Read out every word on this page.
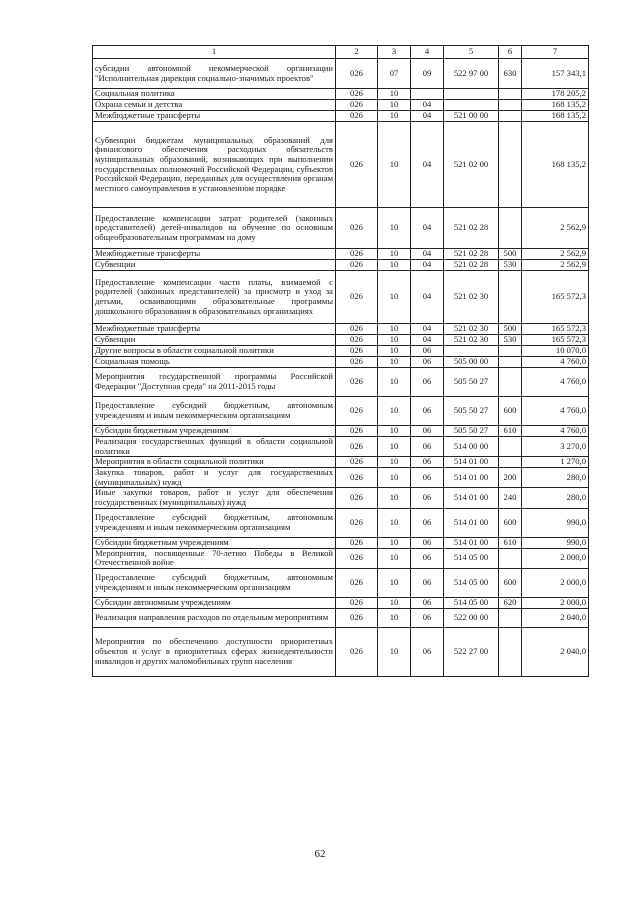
1	2	3	4	5	6	7
субсидии автономной некоммерческой организации "Исполнительная дирекция социально-значимых проектов"	026	07	09	522 97 00	630	157 343,1
Социальная политика	026	10				178 205,2
Охрана семьи и детства	026	10	04			168 135,2
Межбюджетные трансферты	026	10	04	521 00 00		168 135,2
Субвенции бюджетам муниципальных образований для финансового обеспечения расходных обязательств муниципальных образований, возникающих при выполнении государственных полномочий Российской Федерации, субъектов Российской Федерации, переданных для осуществления органам местного самоуправления в установленном порядке	026	10	04	521 02 00		168 135,2
Предоставление компенсации затрат родителей (законных представителей) детей-инвалидов на обучение по основным общеобразовательным программам на дому	026	10	04	521 02 28		2 562,9
Межбюджетные трансферты	026	10	04	521 02 28	500	2 562,9
Субвенции	026	10	04	521 02 28	530	2 562,9
Предоставление компенсации части платы, взимаемой с родителей (законных представителей) за присмотр и уход за детьми, осваивающими образовательные программы дошкольного образования в образовательных организациях	026	10	04	521 02 30		165 572,3
Межбюджетные трансферты	026	10	04	521 02 30	500	165 572,3
Субвенции	026	10	04	521 02 30	530	165 572,3
Другие вопросы в области социальной политики	026	10	06			10 070,0
Социальная помощь	026	10	06	505 00 00		4 760,0
Мероприятия государственной программы Российской Федерации "Доступная среда" на 2011-2015 годы	026	10	06	505 50 27		4 760,0
Предоставление субсидий бюджетным, автономным учреждениям и иным некоммерческим организациям	026	10	06	505 50 27	600	4 760,0
Субсидии бюджетным учреждениям	026	10	06	505 50 27	610	4 760,0
Реализация государственных функций в области социальной политики	026	10	06	514 00 00		3 270,0
Мероприятия в области социальной политики	026	10	06	514 01 00		1 270,0
Закупка товаров, работ и услуг для государственных (муниципальных) нужд	026	10	06	514 01 00	200	280,0
Иные закупки товаров, работ и услуг для обеспечения государственных (муниципальных) нужд	026	10	06	514 01 00	240	280,0
Предоставление субсидий бюджетным, автономным учреждениям и иным некоммерческим организациям	026	10	06	514 01 00	600	990,0
Субсидии бюджетным учреждениям	026	10	06	514 01 00	610	990,0
Мероприятия, посвященные 70-летию Победы в Великой Отечественной войне	026	10	06	514 05 00		2 000,0
Предоставление субсидий бюджетным, автономным учреждениям и иным некоммерческим организациям	026	10	06	514 05 00	600	2 000,0
Субсидии автономным учреждениям	026	10	06	514 05 00	620	2 000,0
Реализация направления расходов по отдельным мероприятиям	026	10	06	522 00 00		2 040,0
Мероприятия по обеспечению доступности приоритетных объектов и услуг в приоритетных сферах жизнедеятельности инвалидов и других маломобильных групп населения	026	10	06	522 27 00		2 040,0
62
